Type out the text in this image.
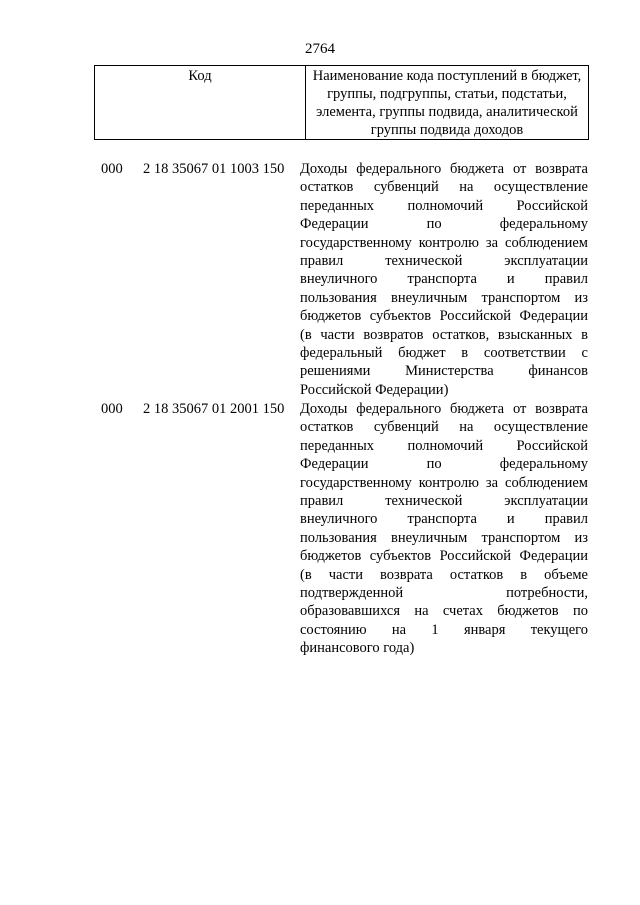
2764
Код	Наименование кода поступлений в бюджет,
группы, подгруппы, статьи, подстатьи,
элемента, группы подвида, аналитической
группы подвида доходов
000 2 18 35067 01 1003 150 Доходы федерального бюджета от возврата
остатков субвенций на осуществление
переданных полномочий Российской
Федерации по федеральному
государственному контролю за соблюдением
правил технической эксплуатации
внеуличного транспорта и правил
пользования внеуличным транспортом из
бюджетов субъектов Российской Федерации
(в части возвратов остатков, взысканных в
федеральный бюджет в соответствии с
решениями Министерства финансов
Российской Федерации)
000 2 18 35067 01 2001 150 Доходы федерального бюджета от возврата
остатков субвенций на осуществление
переданных полномочий Российской
Федерации по федеральному
государственному контролю за соблюдением
правил технической эксплуатации
внеуличного транспорта и правил
пользования внеуличным транспортом из
бюджетов субъектов Российской Федерации
(в части возврата остатков в объеме
подтвержденной потребности,
образовавшихся на счетах бюджетов по
состоянию на 1 января текущего
финансового года)
